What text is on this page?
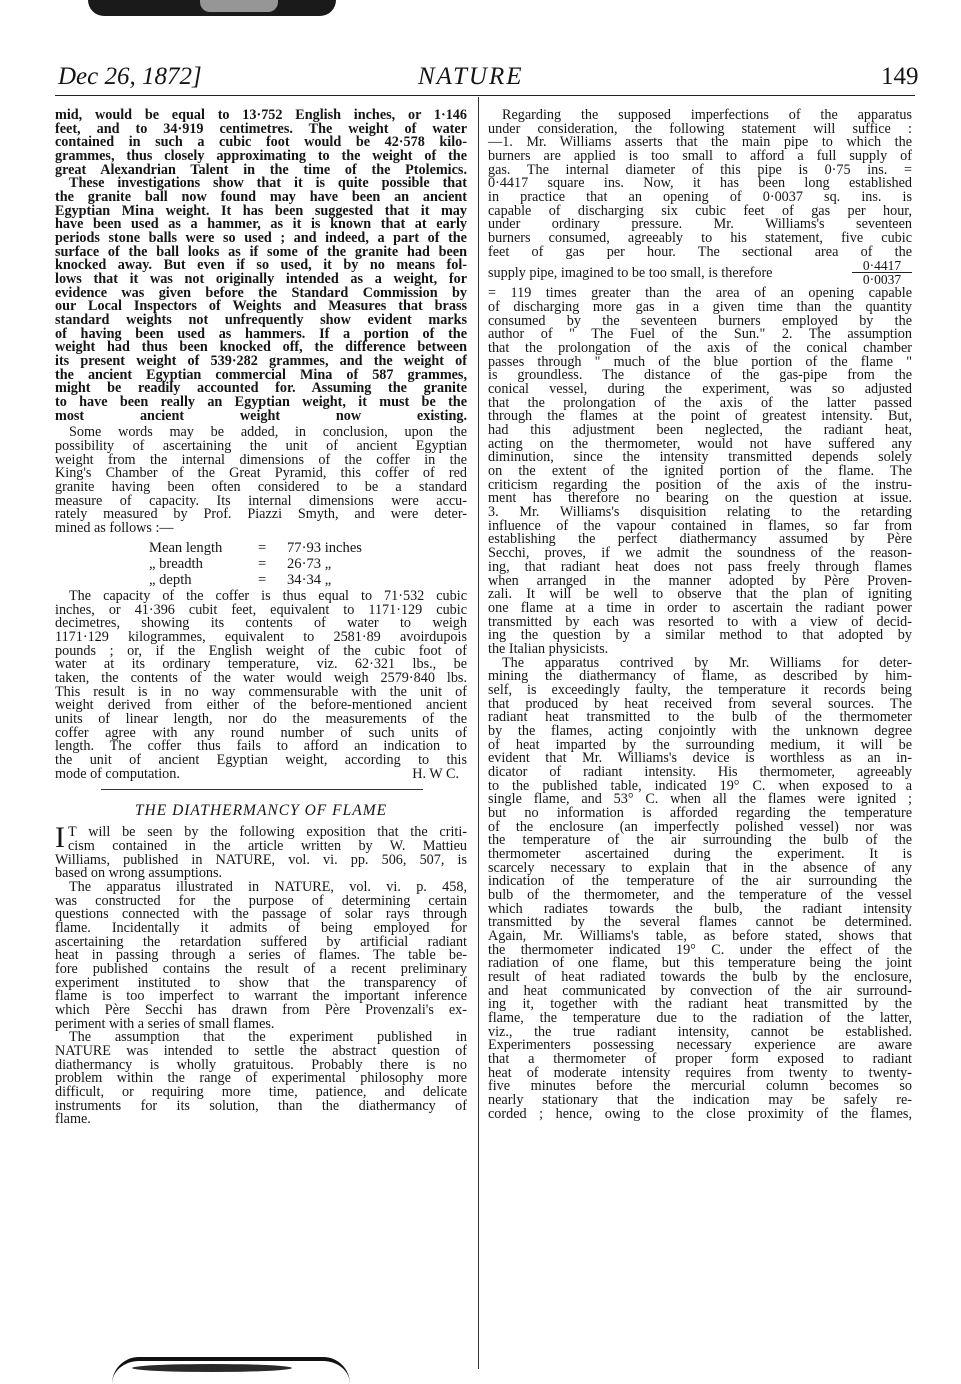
Dec 26, 1872]	NATURE	149
mid, would be equal to 13·752 English inches, or 1·146
feet, and to 34·919 centimetres. The weight of water
contained in such a cubic foot would be 42·578 kilo-
grammes, thus closely approximating to the weight of the
great Alexandrian Talent in the time of the Ptolemics.
These investigations show that it is quite possible that
the granite ball now found may have been an ancient
Egyptian Mina weight. It has been suggested that it may
have been used as a hammer, as it is known that at early
periods stone balls were so used ; and indeed, a part of the
surface of the ball looks as if some of the granite had been
knocked away. But even if so used, it by no means fol-
lows that it was not originally intended as a weight, for
evidence was given before the Standard Commission by
our Local Inspectors of Weights and Measures that brass
standard weights not unfrequently show evident marks
of having been used as hammers. If a portion of the
weight had thus been knocked off, the difference between
its present weight of 539·282 grammes, and the weight of
the ancient Egyptian commercial Mina of 587 grammes,
might be readily accounted for. Assuming the granite
to have been really an Egyptian weight, it must be the
most ancient weight now existing.
Some words may be added, in conclusion, upon the
possibility of ascertaining the unit of ancient Egyptian
weight from the internal dimensions of the coffer in the
King's Chamber of the Great Pyramid, this coffer of red
granite having been often considered to be a standard
measure of capacity. Its internal dimensions were accu-
rately measured by Prof. Piazzi Smyth, and were deter-
mined as follows :—
Mean length = 77·93 inches
„ breadth	= 26·73 „
„ depth	= 34·34 „
The capacity of the coffer is thus equal to 71·532 cubic
inches, or 41·396 cubit feet, equivalent to 1171·129 cubic
decimetres, showing its contents of water to weigh
1171·129 kilogrammes, equivalent to 2581·89 avoirdupois
pounds ; or, if the English weight of the cubic foot of
water at its ordinary temperature, viz. 62·321 lbs., be
taken, the contents of the water would weigh 2579·840 lbs.
This result is in no way commensurable with the unit of
weight derived from either of the before-mentioned ancient
units of linear length, nor do the measurements of the
coffer agree with any round number of such units of
length. The coffer thus fails to afford an indication to
the unit of ancient Egyptian weight, according to this
mode of computation.	H. W C.
THE DIATHERMANCY OF FLAME
I T will be seen by the following exposition that the criti-
cism contained in the article written by W. Mattieu
Williams, published in NATURE, vol. vi. pp. 506, 507, is
based on wrong assumptions.
The apparatus illustrated in NATURE, vol. vi. p. 458,
was constructed for the purpose of determining certain
questions connected with the passage of solar rays through
flame. Incidentally it admits of being employed for
ascertaining the retardation suffered by artificial radiant
heat in passing through a series of flames. The table be-
fore published contains the result of a recent preliminary
experiment instituted to show that the transparency of
flame is too imperfect to warrant the important inference
which Père Secchi has drawn from Père Provenzali's ex-
periment with a series of small flames.
The assumption that the experiment published in
NATURE was intended to settle the abstract question of
diathermancy is wholly gratuitous. Probably there is no
problem within the range of experimental philosophy more
difficult, or requiring more time, patience, and delicate
instruments for its solution, than the diathermancy of
flame.
Regarding the supposed imperfections of the apparatus
under consideration, the following statement will suffice :
—1. Mr. Williams asserts that the main pipe to which the
burners are applied is too small to afford a full supply of
gas. The internal diameter of this pipe is 0·75 ins. =
0·4417 square ins. Now, it has been long established
in practice that an opening of 0·0037 sq. ins. is
capable of discharging six cubic feet of gas per hour,
under ordinary pressure. Mr. Williams's seventeen
burners consumed, agreeably to his statement, five cubic
feet of gas per hour. The sectional area of the
supply pipe, imagined to be too small, is therefore	$\frac{0\cdot 4417}{0\cdot 0037}$
= 119 times greater than the area of an opening capable
of discharging more gas in a given time than the quantity
consumed by the seventeen burners employed by the
author of " The Fuel of the Sun." 2. The assumption
that the prolongation of the axis of the conical chamber
passes through " much of the blue portion of the flame "
is groundless. The distance of the gas-pipe from the
conical vessel, during the experiment, was so adjusted
that the prolongation of the axis of the latter passed
through the flames at the point of greatest intensity. But,
had this adjustment been neglected, the radiant heat,
acting on the thermometer, would not have suffered any
diminution, since the intensity transmitted depends solely
on the extent of the ignited portion of the flame. The
criticism regarding the position of the axis of the instru-
ment has therefore no bearing on the question at issue.
3. Mr. Williams's disquisition relating to the retarding
influence of the vapour contained in flames, so far from
establishing the perfect diathermancy assumed by Père
Secchi, proves, if we admit the soundness of the reason-
ing, that radiant heat does not pass freely through flames
when arranged in the manner adopted by Père Proven-
zali. It will be well to observe that the plan of igniting
one flame at a time in order to ascertain the radiant power
transmitted by each was resorted to with a view of decid-
ing the question by a similar method to that adopted by
the Italian physicists.
The apparatus contrived by Mr. Williams for deter-
mining the diathermancy of flame, as described by him-
self, is exceedingly faulty, the temperature it records being
that produced by heat received from several sources. The
radiant heat transmitted to the bulb of the thermometer
by the flames, acting conjointly with the unknown degree
of heat imparted by the surrounding medium, it will be
evident that Mr. Williams's device is worthless as an in-
dicator of radiant intensity. His thermometer, agreeably
to the published table, indicated 19° C. when exposed to a
single flame, and 53° C. when all the flames were ignited ;
but no information is afforded regarding the temperature
of the enclosure (an imperfectly polished vessel) nor was
the temperature of the air surrounding the bulb of the
thermometer ascertained during the experiment. It is
scarcely necessary to explain that in the absence of any
indication of the temperature of the air surrounding the
bulb of the thermometer, and the temperature of the vessel
which radiates towards the bulb, the radiant intensity
transmitted by the several flames cannot be determined.
Again, Mr. Williams's table, as before stated, shows that
the thermometer indicated 19° C. under the effect of the
radiation of one flame, but this temperature being the joint
result of heat radiated towards the bulb by the enclosure,
and heat communicated by convection of the air surround-
ing it, together with the radiant heat transmitted by the
flame, the temperature due to the radiation of the latter,
viz., the true radiant intensity, cannot be established.
Experimenters possessing necessary experience are aware
that a thermometer of proper form exposed to radiant
heat of moderate intensity requires from twenty to twenty-
five minutes before the mercurial column becomes so
nearly stationary that the indication may be safely re-
corded ; hence, owing to the close proximity of the flames,
